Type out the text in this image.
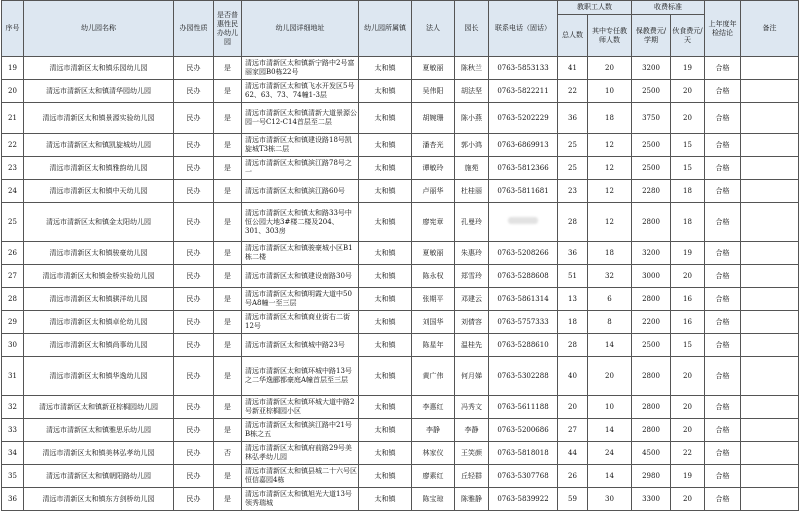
序号	幼儿园名称	办园性质	是否普惠性民办幼儿园	幼儿园详细地址	幼儿园所属镇	法人	园长	联系电话（固话）	教职工人数		收费标准		上年度年检结论	备注
									总人数	其中专任教师人数	保教费元/学期	伙食费元/天		
19	清远市清新区太和镇乐园幼儿园	民办	是	清远市清新区太和镇新宁路中2号富丽家园B0栋22号	太和镇	夏敏丽	陈秋兰	0763-5853133	41	20	3200	19	合格	
20	清远市清新区太和镇清华园幼儿园	民办	是	清远市清新区太和镇飞水开发区5号62、63、73、74幢1-3层	太和镇	吴伟阳	胡法坚	0763-5822211	22	10	2500	20	合格	
21	清远市清新区太和镇景源实验幼儿园	民办	是	清远市清新区太和镇清新大道景源公园一号C12-C14首层至二层	太和镇	胡婉珊	陈小燕	0763-5202229	36	18	3750	20	合格	
22	清远市清新区太和镇凯旋城幼儿园	民办	是	清远市清新区太和镇建设路18号凯旋城T3栋二层	太和镇	潘杏光	郭小鸿	0763-6869913	25	12	2500	15	合格	
23	清远市清新区太和镇雅韵幼儿园	民办	是	清远市清新区太和镇滨江路78号之一	太和镇	谭敏玲	施苑	0763-5812366	25	12	2500	15	合格	
24	清远市清新区太和镇中天幼儿园	民办	是	清远市清新区太和镇滨江路60号	太和镇	卢丽华	杜桂丽	0763-5811681	23	12	2280	18	合格	
25	清远市清新区太和镇金太阳幼儿园	民办	是	清远市清新区太和镇太和路33号中恒公园大地3#楼二楼及204、301、303房	太和镇	廖宪章	孔曼玲		28	12	2800	18	合格	
26	清远市清新区太和镇骏豪幼儿园	民办	是	清远市清新区太和镇骏豪城小区B1栋二楼	太和镇	夏敏丽	朱惠玲	0763-5208266	36	18	3200	19	合格	
27	清远市清新区太和镇金桥实验幼儿园	民办	是	清远市清新区太和镇建设南路30号	太和镇	陈永权	郑雪玲	0763-5288608	51	32	3000	20	合格	
28	清远市清新区太和镇骐洋幼儿园	民办	是	清远市清新区太和镇明霞大道中50号A8幢一至三层	太和镇	张期平	邓建云	0763-5861314	13	6	2800	16	合格	
29	清远市清新区太和镇卓伦幼儿园	民办	是	清远市清新区太和镇商业街右二街12号	太和镇	刘国华	刘倩容	0763-5757333	18	8	2200	16	合格	
30	清远市清新区太和镇尚事幼儿园	民办	是	清远市清新区太和镇城中路23号	太和镇	陈星年	温桂先	0763-5288610	28	14	2500	15	合格	
31	清远市清新区太和镇华逸幼儿园	民办	是	清远市清新区太和镇环城中路13号之二华逸郦都豪庭A幢首层至三层	太和镇	黄广伟	何月娣	0763-5302288	40	20	2800	20	合格	
32	清远市清新区太和镇新亚棕榈园幼儿园	民办	是	清远市清新区太和镇环城大道中路2号新亚棕榈园小区	太和镇	李惠红	冯秀文	0763-5611188	20	10	2800	20	合格	
33	清远市清新区太和镇雅思乐幼儿园	民办	是	清远市清新区太和镇滨江路中21号B栋之五	太和镇	李静	李静	0763-5200686	27	14	2800	20	合格	
34	清远市清新区太和镇美林弘孝幼儿园	民办	否	清远市清新区太和镇府前路29号美林弘孝幼儿园	太和镇	林家仪	王笑颜	0763-5818018	44	24	4500	22	合格	
35	清远市清新区太和镇朝阳路幼儿园	民办	是	清远市清新区太和镇县城二十六号区恒信嘉园4栋	太和镇	廖素红	丘轻群	0763-5307768	26	14	2980	19	合格	
36	清远市清新区太和镇东方剑桥幼儿园	民办	是	清远市清新区太和镇旭光大道13号领秀瑞城	太和镇	陈宝琼	陈雅静	0763-5839922	59	30	3300	20	合格	
